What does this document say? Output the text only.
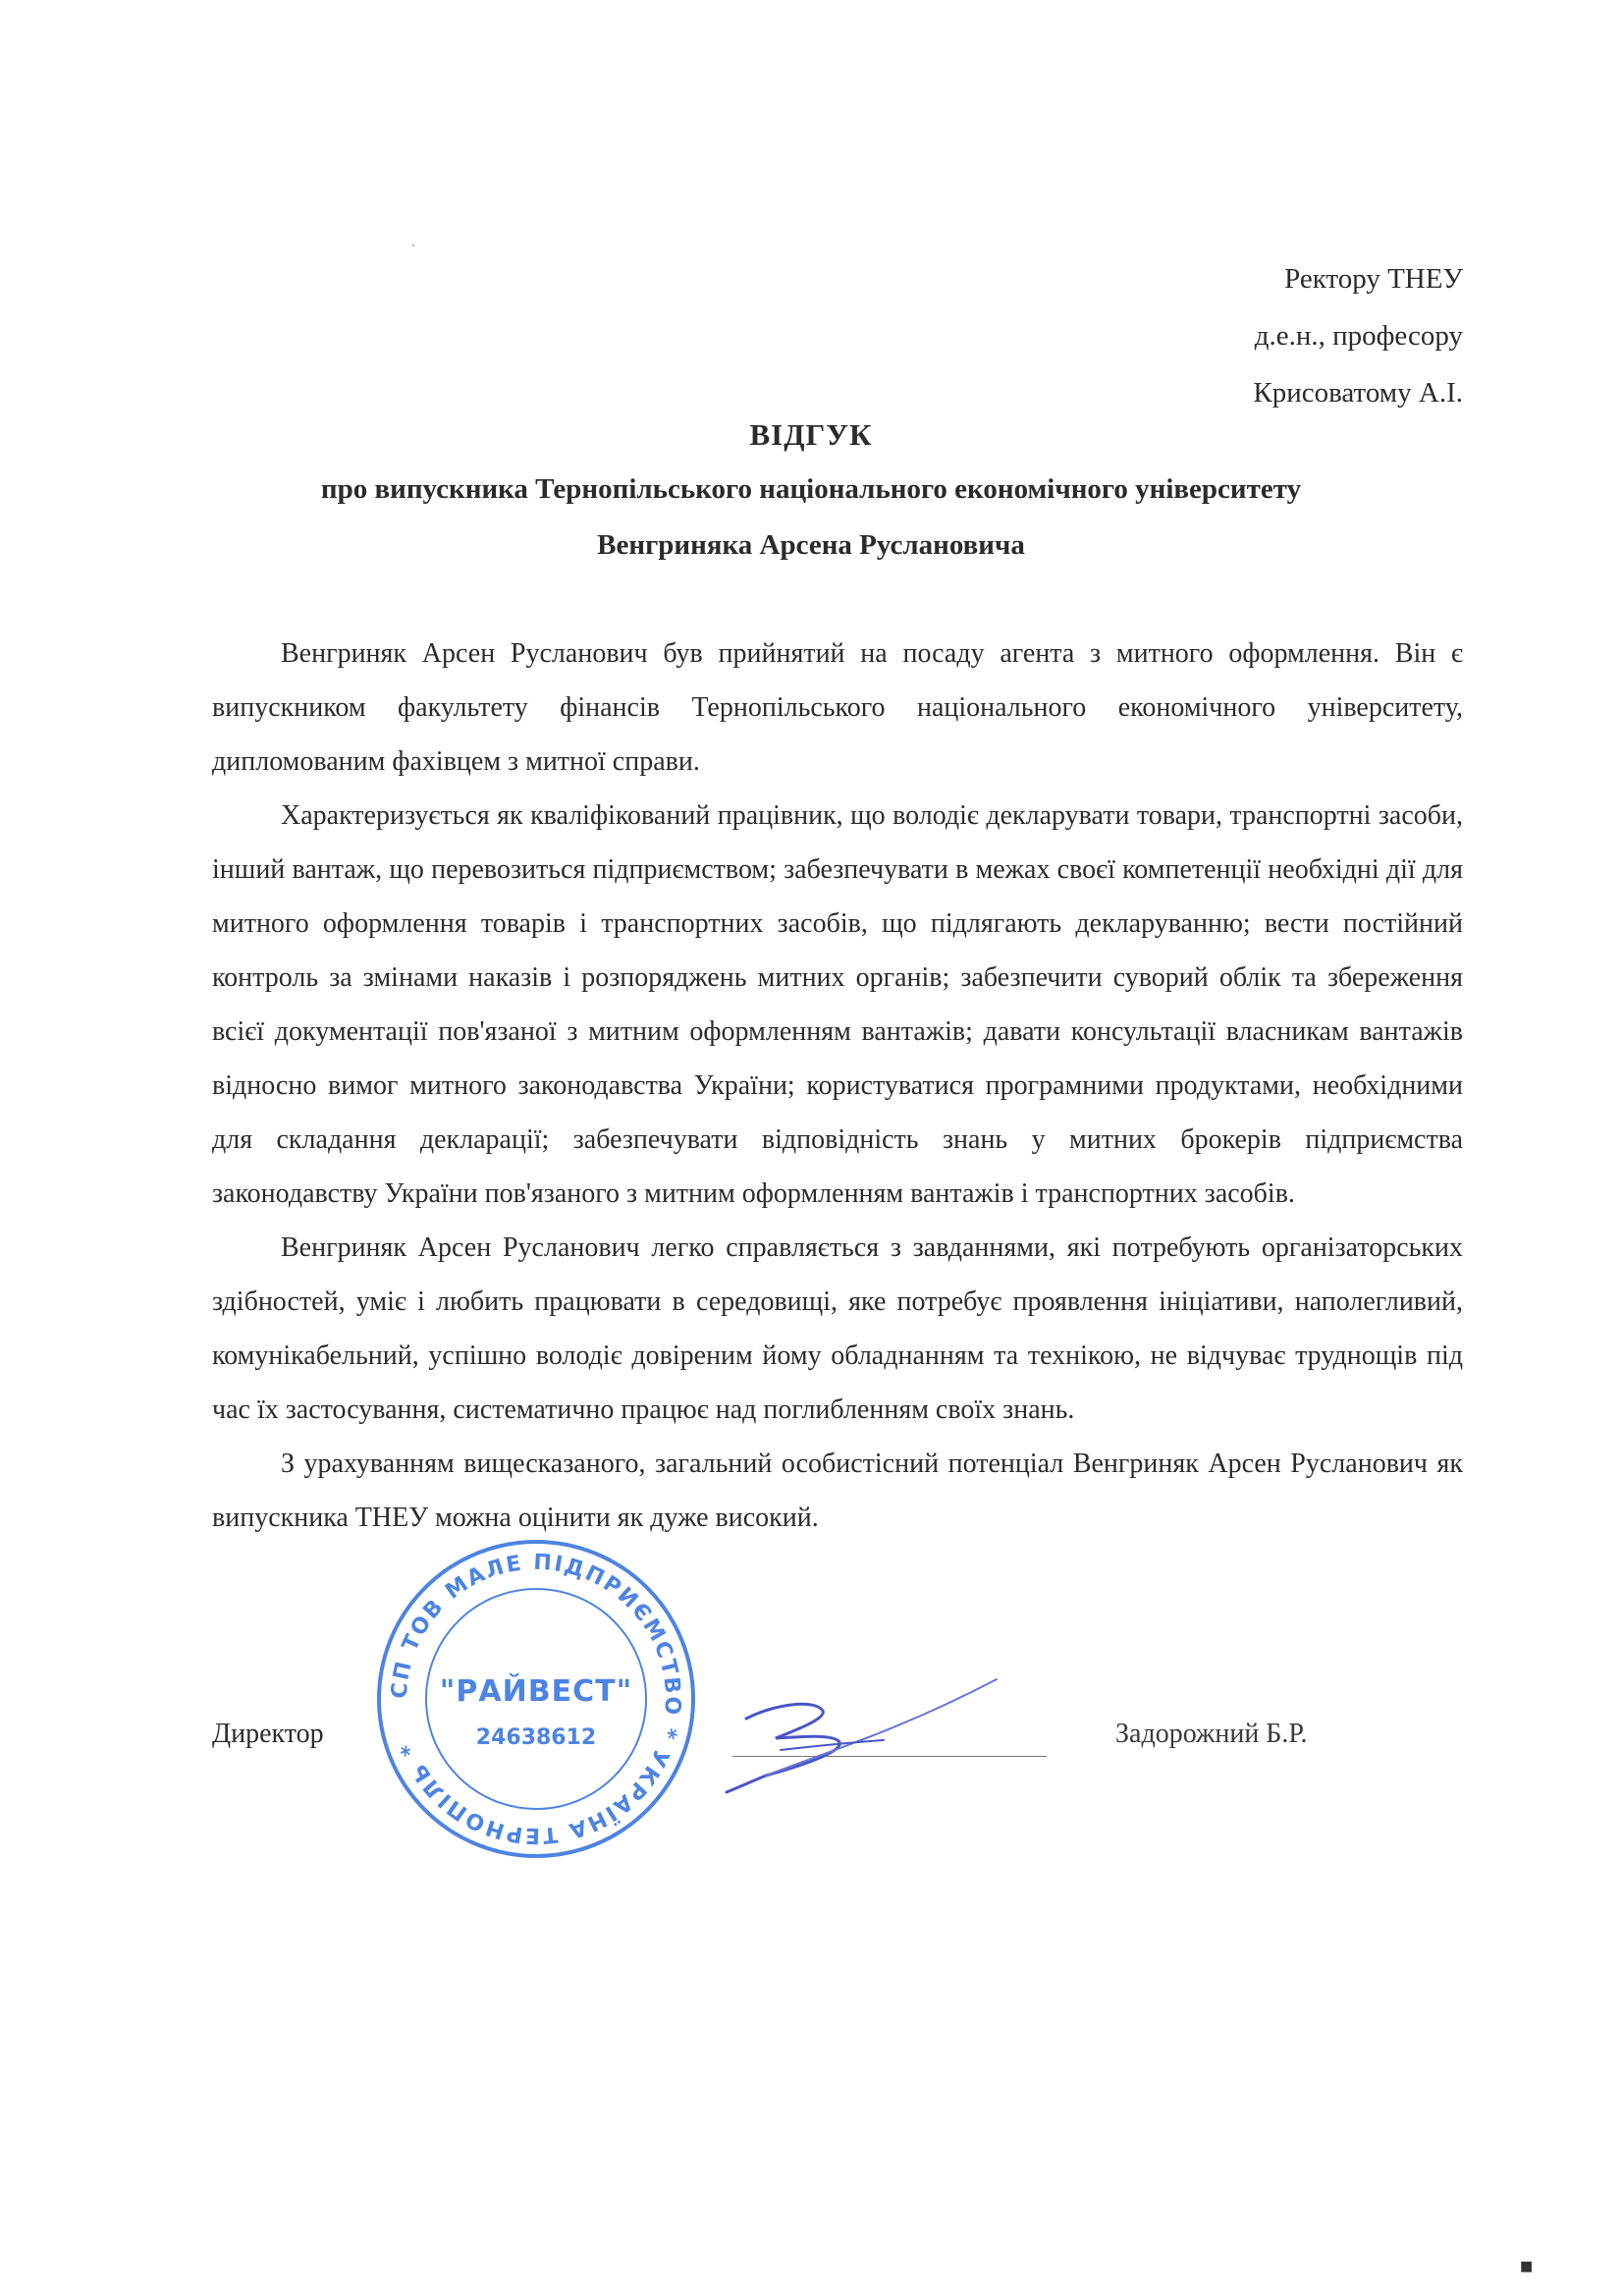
Ректору ТНЕУ
д.е.н., професору
Крисоватому А.І.
ВІДГУК
про випускника Тернопільського національного економічного університету
Венгриняка Арсена Руслановича

Венгриняк Арсен Русланович був прийнятий на посаду агента з митного оформлення. Він є випускником факультету фінансів Тернопільського національного економічного університету, дипломованим фахівцем з митної справи.

Характеризується як кваліфікований працівник, що володіє декларувати товари, транспортні засоби, інший вантаж, що перевозиться підприємством; забезпечувати в межах своєї компетенції необхідні дії для митного оформлення товарів і транспортних засобів, що підлягають декларуванню; вести постійний контроль за змінами наказів і розпоряджень митних органів; забезпечити суворий облік та збереження всієї документації пов'язаної з митним оформленням вантажів; давати консультації власникам вантажів відносно вимог митного законодавства України; користуватися програмними продуктами, необхідними для складання декларації; забезпечувати відповідність знань у митних брокерів підприємства законодавству України пов'язаного з митним оформленням вантажів і транспортних засобів.

Венгриняк Арсен Русланович легко справляється з завданнями, які потребують організаторських здібностей, уміє і любить працювати в середовищі, яке потребує проявлення ініціативи, наполегливий, комунікабельний, успішно володіє довіреним йому обладнанням та технікою, не відчуває труднощів під час їх застосування, систематично працює над поглибленням своїх знань.

З урахуванням вищесказаного, загальний особистісний потенціал Венгриняк Арсен Русланович як випускника ТНЕУ можна оцінити як дуже високий.

Директор	Задорожний Б.Р.
СП ТОВ МАЛЕ ПІДПРИЄМСТВО * УКРАЇНА ТЕРНОПІЛЬ *
"РАЙВЕСТ"
24638612
ˋ
■
